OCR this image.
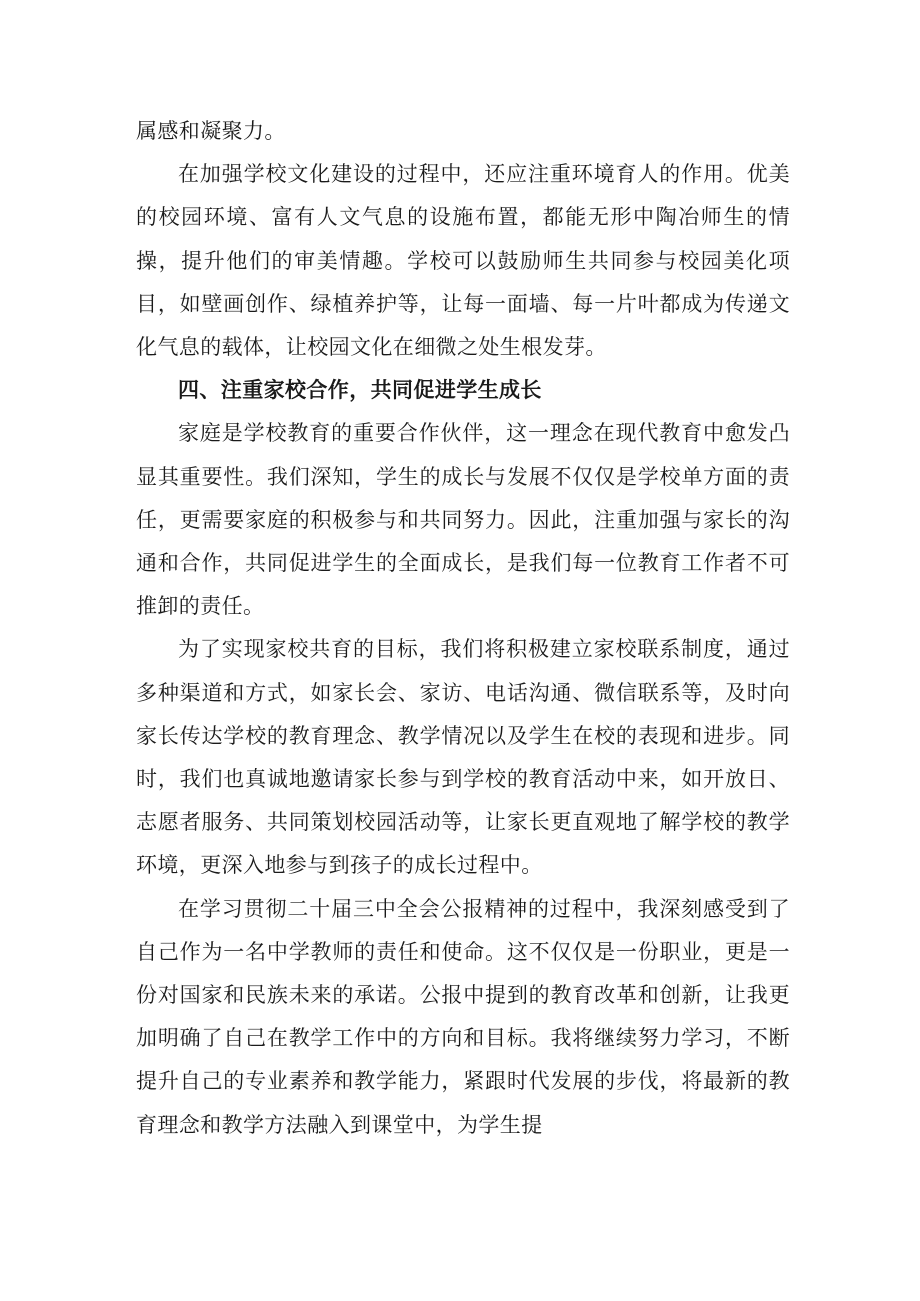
属感和凝聚力。

在加强学校文化建设的过程中，还应注重环境育人的作用。优美的校园环境、富有人文气息的设施布置，都能无形中陶冶师生的情操，提升他们的审美情趣。学校可以鼓励师生共同参与校园美化项目，如壁画创作、绿植养护等，让每一面墙、每一片叶都成为传递文化气息的载体，让校园文化在细微之处生根发芽。

四、注重家校合作，共同促进学生成长

家庭是学校教育的重要合作伙伴，这一理念在现代教育中愈发凸显其重要性。我们深知，学生的成长与发展不仅仅是学校单方面的责任，更需要家庭的积极参与和共同努力。因此，注重加强与家长的沟通和合作，共同促进学生的全面成长，是我们每一位教育工作者不可推卸的责任。

为了实现家校共育的目标，我们将积极建立家校联系制度，通过多种渠道和方式，如家长会、家访、电话沟通、微信联系等，及时向家长传达学校的教育理念、教学情况以及学生在校的表现和进步。同时，我们也真诚地邀请家长参与到学校的教育活动中来，如开放日、志愿者服务、共同策划校园活动等，让家长更直观地了解学校的教学环境，更深入地参与到孩子的成长过程中。

在学习贯彻二十届三中全会公报精神的过程中，我深刻感受到了自己作为一名中学教师的责任和使命。这不仅仅是一份职业，更是一份对国家和民族未来的承诺。公报中提到的教育改革和创新，让我更加明确了自己在教学工作中的方向和目标。我将继续努力学习，不断提升自己的专业素养和教学能力，紧跟时代发展的步伐，将最新的教育理念和教学方法融入到课堂中，为学生提
